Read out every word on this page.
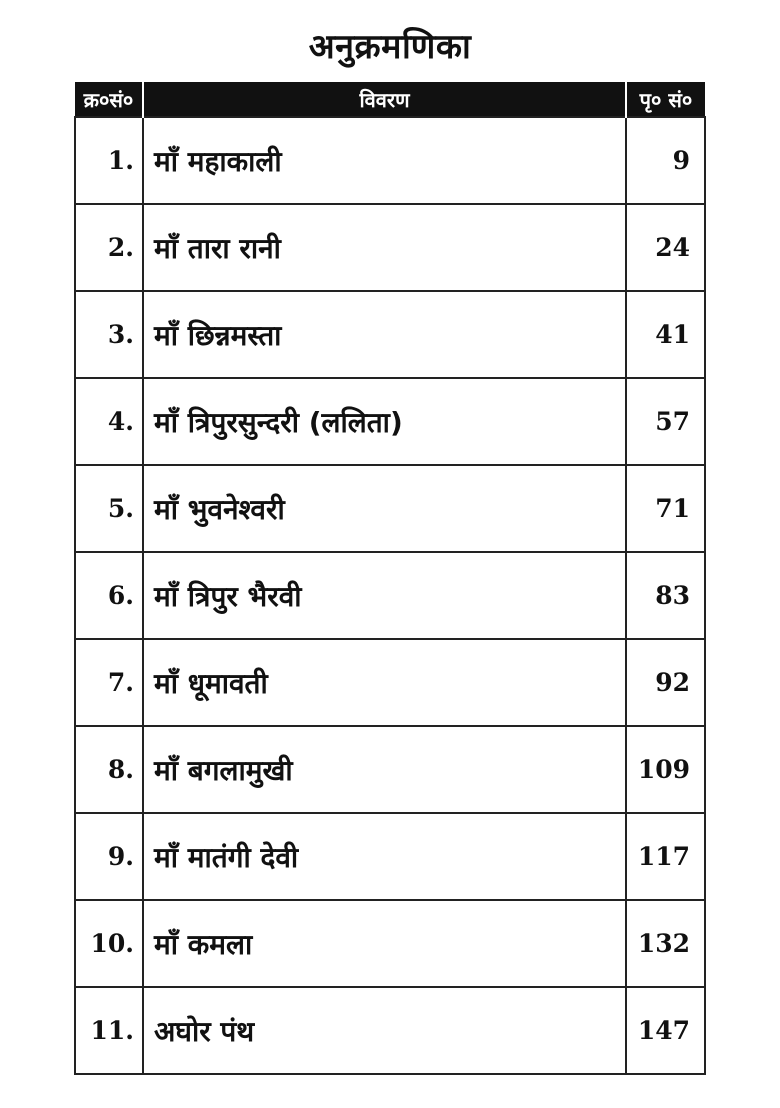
अनुक्रमणिका
क्र०सं०	विवरण	पृ० सं०
1.	माँ महाकाली	9
2.	माँ तारा रानी	24
3.	माँ छिन्नमस्ता	41
4.	माँ त्रिपुरसुन्दरी (ललिता)	57
5.	माँ भुवनेश्वरी	71
6.	माँ त्रिपुर भैरवी	83
7.	माँ धूमावती	92
8.	माँ बगलामुखी	109
9.	माँ मातंगी देवी	117
10.	माँ कमला	132
11.	अघोर पंथ	147
